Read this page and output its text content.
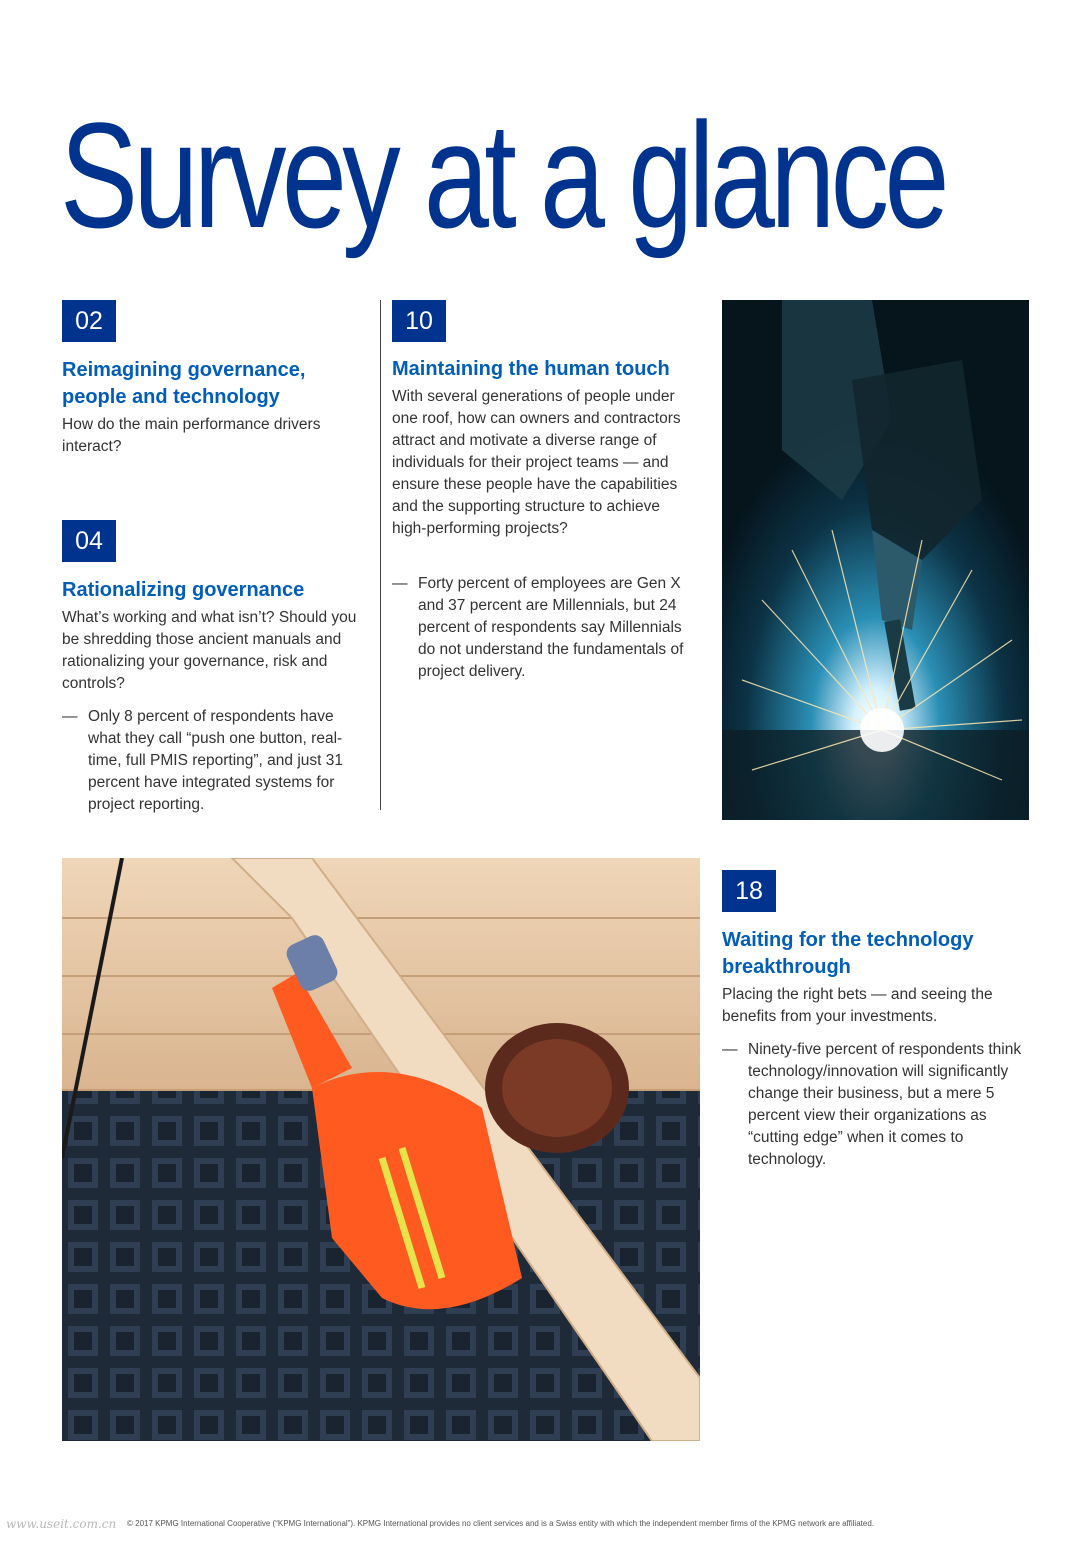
Survey at a glance
02
Reimagining governance, people and technology

How do the main performance drivers interact?

04
Rationalizing governance

What’s working and what isn’t? Should you be shredding those ancient manuals and rationalizing your governance, risk and controls?

— Only 8 percent of respondents have what they call “push one button, real-time, full PMIS reporting”, and just 31 percent have integrated systems for project reporting.
10
Maintaining the human touch

With several generations of people under one roof, how can owners and contractors attract and motivate a diverse range of individuals for their project teams — and ensure these people have the capabilities and the supporting structure to achieve high-performing projects?

— Forty percent of employees are Gen X and 37 percent are Millennials, but 24 percent of respondents say Millennials do not understand the fundamentals of project delivery.
18
Waiting for the technology breakthrough

Placing the right bets — and seeing the benefits from your investments.

— Ninety-five percent of respondents think technology/innovation will significantly change their business, but a mere 5 percent view their organizations as “cutting edge” when it comes to technology.
www.useit.com.cn © 2017 KPMG International Cooperative (“KPMG International”). KPMG International provides no client services and is a Swiss entity with which the independent member firms of the KPMG network are affiliated.
